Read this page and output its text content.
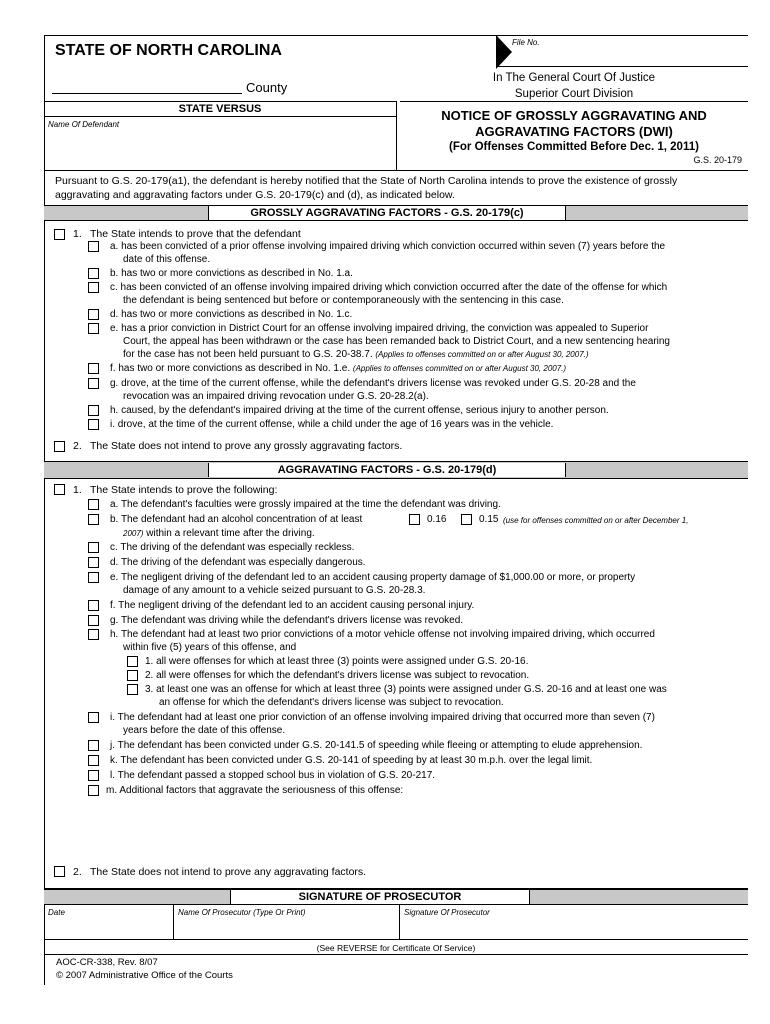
STATE OF NORTH CAROLINA
County
STATE VERSUS
Name Of Defendant
File No.
In The General Court Of Justice
Superior Court Division
NOTICE OF GROSSLY AGGRAVATING AND
AGGRAVATING FACTORS (DWI)
(For Offenses Committed Before Dec. 1, 2011)
G.S. 20-179
Pursuant to G.S. 20-179(a1), the defendant is hereby notified that the State of North Carolina intends to prove the existence of grossly
aggravating and aggravating factors under G.S. 20-179(c) and (d), as indicated below.
GROSSLY AGGRAVATING FACTORS - G.S. 20-179(c)
1. The State intends to prove that the defendant
a. has been convicted of a prior offense involving impaired driving which conviction occurred within seven (7) years before the
date of this offense.
b. has two or more convictions as described in No. 1.a.
c. has been convicted of an offense involving impaired driving which conviction occurred after the date of the offense for which
the defendant is being sentenced but before or contemporaneously with the sentencing in this case.
d. has two or more convictions as described in No. 1.c.
e. has a prior conviction in District Court for an offense involving impaired driving, the conviction was appealed to Superior
Court, the appeal has been withdrawn or the case has been remanded back to District Court, and a new sentencing hearing
for the case has not been held pursuant to G.S. 20-38.7. (Applies to offenses committed on or after August 30, 2007.)
f. has two or more convictions as described in No. 1.e. (Applies to offenses committed on or after August 30, 2007.)
g. drove, at the time of the current offense, while the defendant's drivers license was revoked under G.S. 20-28 and the
revocation was an impaired driving revocation under G.S. 20-28.2(a).
h. caused, by the defendant's impaired driving at the time of the current offense, serious injury to another person.
i. drove, at the time of the current offense, while a child under the age of 16 years was in the vehicle.
2. The State does not intend to prove any grossly aggravating factors.
AGGRAVATING FACTORS - G.S. 20-179(d)
1. The State intends to prove the following:
a. The defendant's faculties were grossly impaired at the time the defendant was driving.
b. The defendant had an alcohol concentration of at least	0.16	0.15 (use for offenses committed on or after December 1,
2007) within a relevant time after the driving.
c. The driving of the defendant was especially reckless.
d. The driving of the defendant was especially dangerous.
e. The negligent driving of the defendant led to an accident causing property damage of $1,000.00 or more, or property
damage of any amount to a vehicle seized pursuant to G.S. 20-28.3.
f. The negligent driving of the defendant led to an accident causing personal injury.
g. The defendant was driving while the defendant's drivers license was revoked.
h. The defendant had at least two prior convictions of a motor vehicle offense not involving impaired driving, which occurred
within five (5) years of this offense, and
1. all were offenses for which at least three (3) points were assigned under G.S. 20-16.
2. all were offenses for which the defendant's drivers license was subject to revocation.
3. at least one was an offense for which at least three (3) points were assigned under G.S. 20-16 and at least one was
an offense for which the defendant's drivers license was subject to revocation.
i. The defendant had at least one prior conviction of an offense involving impaired driving that occurred more than seven (7)
years before the date of this offense.
j. The defendant has been convicted under G.S. 20-141.5 of speeding while fleeing or attempting to elude apprehension.
k. The defendant has been convicted under G.S. 20-141 of speeding by at least 30 m.p.h. over the legal limit.
l. The defendant passed a stopped school bus in violation of G.S. 20-217.
m. Additional factors that aggravate the seriousness of this offense:
2. The State does not intend to prove any aggravating factors.
SIGNATURE OF PROSECUTOR
Date	Name Of Prosecutor (Type Or Print)	Signature Of Prosecutor
(See REVERSE for Certificate Of Service)
AOC-CR-338, Rev. 8/07
© 2007 Administrative Office of the Courts
